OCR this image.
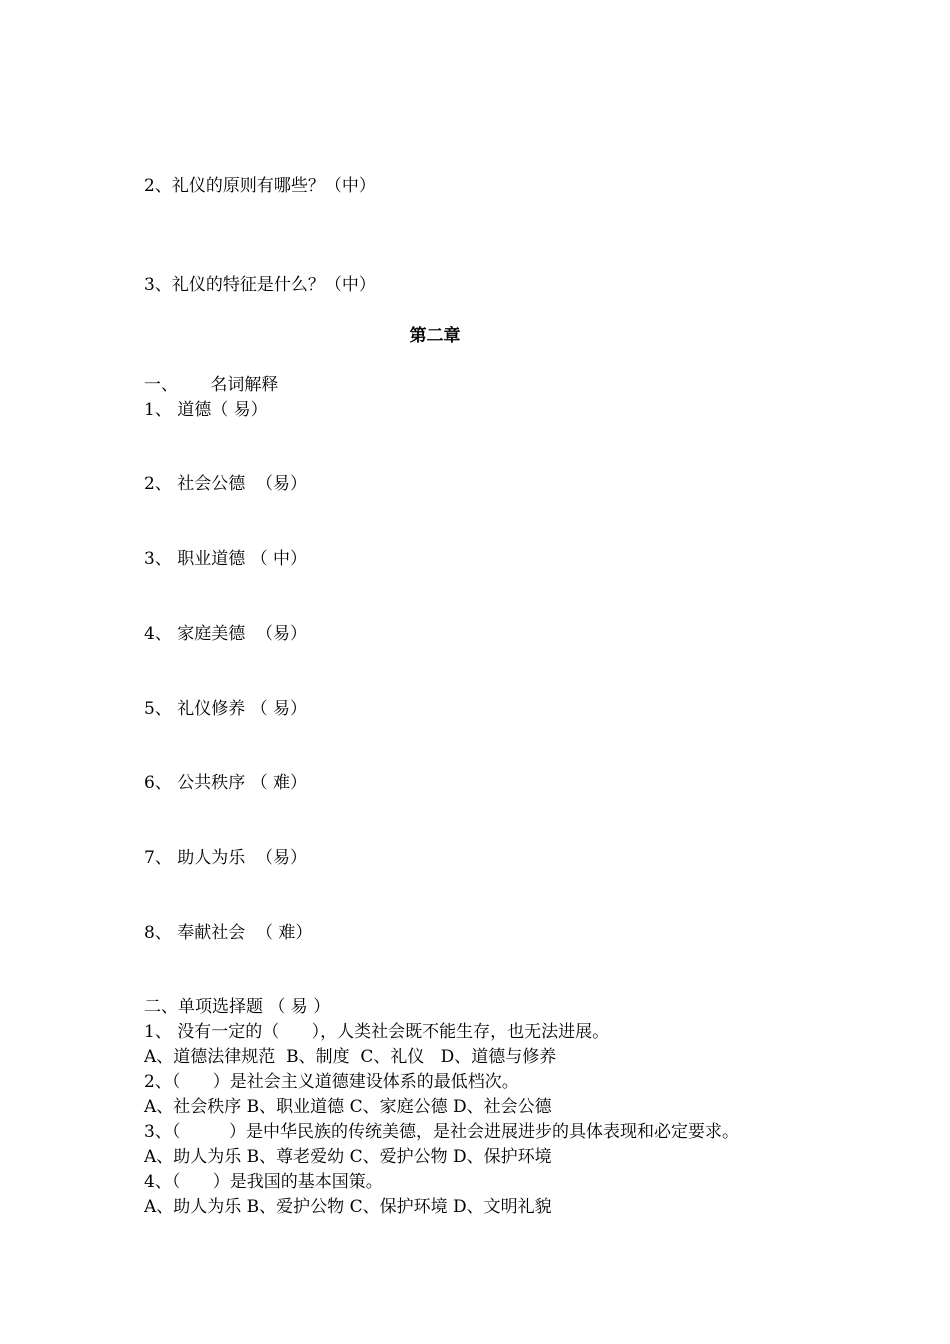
2、礼仪的原则有哪些？（中）
3、礼仪的特征是什么？（中）
第二章
一、      名词解释
1、 道德（ 易）
2、 社会公德  （易）
3、 职业道德 （ 中）
4、 家庭美德  （易）
5、 礼仪修养 （ 易）
6、 公共秩序 （ 难）
7、 助人为乐  （易）
8、 奉献社会  （ 难）
二、单项选择题 （ 易 ）
1、 没有一定的（      ），人类社会既不能生存，也无法进展。
A、道德法律规范  B、制度  C、礼仪   D、道德与修养
2、（      ）是社会主义道德建设体系的最低档次。
A、社会秩序 B、职业道德 C、家庭公德 D、社会公德
3、（         ）是中华民族的传统美德，是社会进展进步的具体表现和必定要求。
A、助人为乐 B、尊老爱幼 C、爱护公物 D、保护环境
4、（      ）是我国的基本国策。
A、助人为乐 B、爱护公物 C、保护环境 D、文明礼貌
